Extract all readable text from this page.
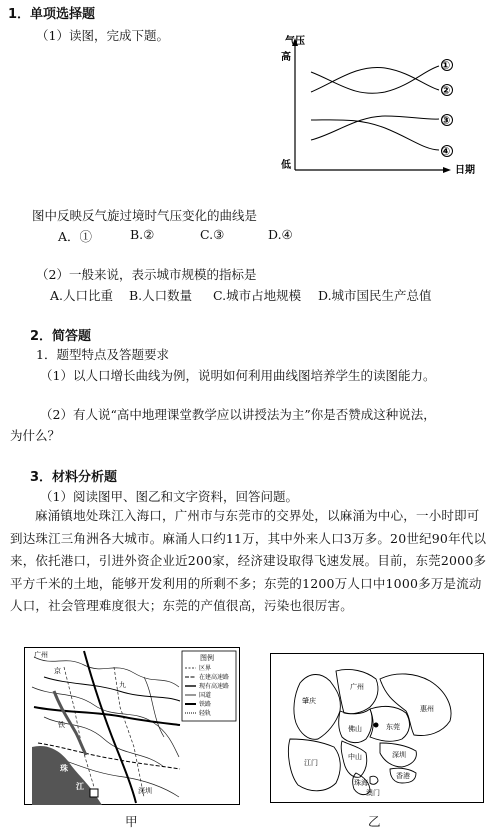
1．单项选择题
（1）读图，完成下题。	气压
高
低	日期
①
②
③
④
图中反映反气旋过境时气压变化的曲线是
A．①	B.②	C.③	D.④
（2）一般来说，表示城市规模的指标是
A.人口比重 B.人口数量 C.城市占地规模 D.城市国民生产总值
2．简答题
1．题型特点及答题要求
（1）以人口增长曲线为例，说明如何利用曲线图培养学生的读图能力。
（2）有人说“高中地理课堂教学应以讲授法为主”你是否赞成这种说法，
为什么？
3．材料分析题
（1）阅读图甲、图乙和文字资料，回答问题。
麻涌镇地处珠江入海口，广州市与东莞市的交界处，以麻涌为中心，一小时即可到达珠江三角洲各大城市。麻涌人口约11万，其中外来人口3万多。20世纪90年代以来，依托港口，引进外资企业近200家，经济建设取得飞速发展。目前，东莞2000多平方千米的土地，能够开发利用的所剩不多；东莞的1200万人口中1000多万是流动人口，社会管理难度很大；东莞的产值很高，污染也很厉害。
广州
京
九
铁
珠
江	深圳
图例
区界
在建高速路
现有高速路
国道
铁路
轻轨
甲
肇庆
广州
佛山	东莞
惠州
江门
中山	深圳
珠海
香港
澳门
乙
